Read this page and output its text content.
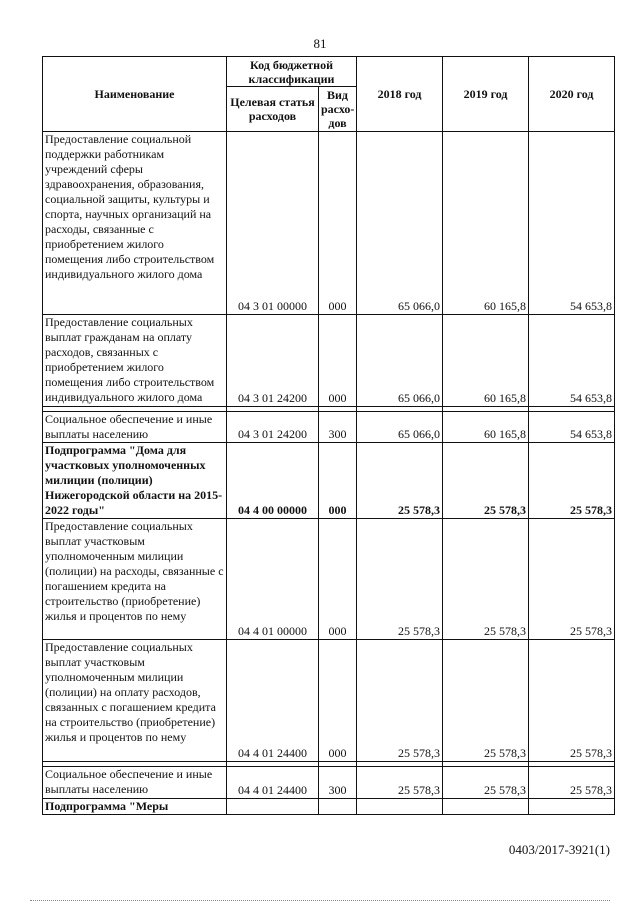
81
Наименование	Код бюджетной классификации		2018 год	2019 год	2020 год
	Целевая статья расходов	Вид расхо-дов			
Предоставление социальной поддержки работникам учреждений сферы здравоохранения, образования, социальной защиты, культуры и спорта, научных организаций на расходы, связанные с приобретением жилого помещения либо строительством индивидуального жилого дома	04 3 01 00000	000	65 066,0	60 165,8	54 653,8
Предоставление социальных выплат гражданам на оплату расходов, связанных с приобретением жилого помещения либо строительством индивидуального жилого дома	04 3 01 24200	000	65 066,0	60 165,8	54 653,8

Социальное обеспечение и иные выплаты населению	04 3 01 24200	300	65 066,0	60 165,8	54 653,8
Подпрограмма "Дома для участковых уполномоченных милиции (полиции) Нижегородской области на 2015-2022 годы"	04 4 00 00000	000	25 578,3	25 578,3	25 578,3
Предоставление социальных выплат участковым уполномоченным милиции (полиции) на расходы, связанные с погашением кредита на строительство (приобретение) жилья и процентов по нему	04 4 01 00000	000	25 578,3	25 578,3	25 578,3
Предоставление социальных выплат участковым уполномоченным милиции (полиции) на оплату расходов, связанных с погашением кредита на строительство (приобретение) жилья и процентов по нему	04 4 01 24400	000	25 578,3	25 578,3	25 578,3

Социальное обеспечение и иные выплаты населению	04 4 01 24400	300	25 578,3	25 578,3	25 578,3
Подпрограмма "Меры					
0403/2017-3921(1)
